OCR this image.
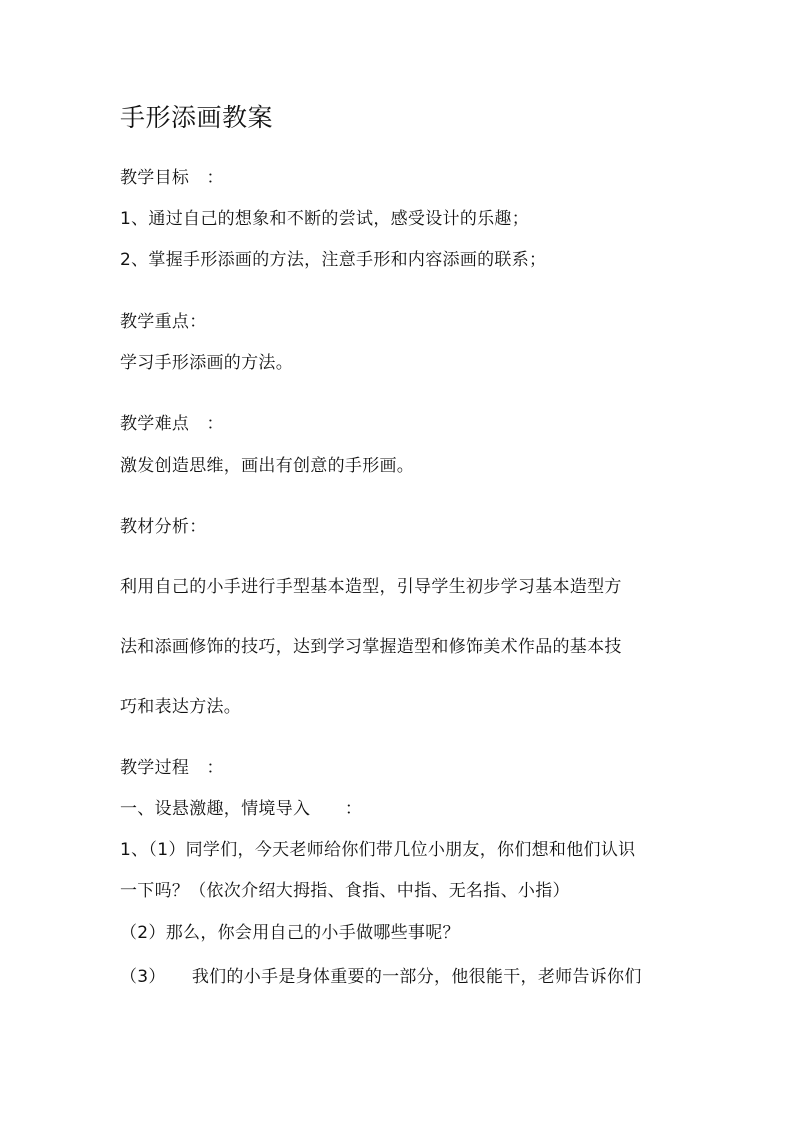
手形添画教案
教学目标　：
1、通过自己的想象和不断的尝试，感受设计的乐趣；
2、掌握手形添画的方法，注意手形和内容添画的联系；
教学重点：
学习手形添画的方法。
教学难点　：
激发创造思维，画出有创意的手形画。
教材分析：
利用自己的小手进行手型基本造型，引导学生初步学习基本造型方
法和添画修饰的技巧，达到学习掌握造型和修饰美术作品的基本技
巧和表达方法。
教学过程　：
一、设悬激趣，情境导入　　：
1、（1）同学们，今天老师给你们带几位小朋友，你们想和他们认识
一下吗？（依次介绍大拇指、食指、中指、无名指、小指）
（2）那么，你会用自己的小手做哪些事呢？
（3）　　我们的小手是身体重要的一部分，他很能干，老师告诉你们
